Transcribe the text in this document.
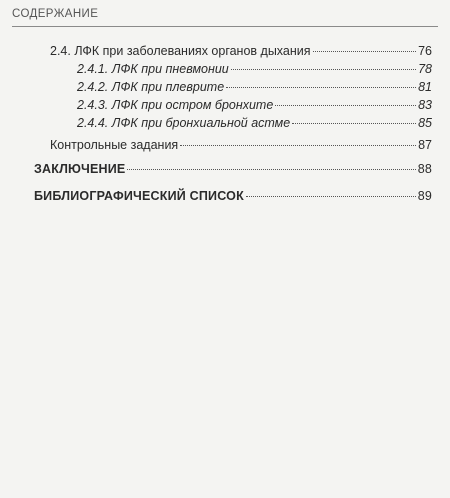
СОДЕРЖАНИЕ
2.4. ЛФК при заболеваниях органов дыхания	76
2.4.1. ЛФК при пневмонии	78
2.4.2. ЛФК при плеврите	81
2.4.3. ЛФК при остром бронхите	83
2.4.4. ЛФК при бронхиальной астме	85
Контрольные задания	87
ЗАКЛЮЧЕНИЕ	88
БИБЛИОГРАФИЧЕСКИЙ СПИСОК	89
